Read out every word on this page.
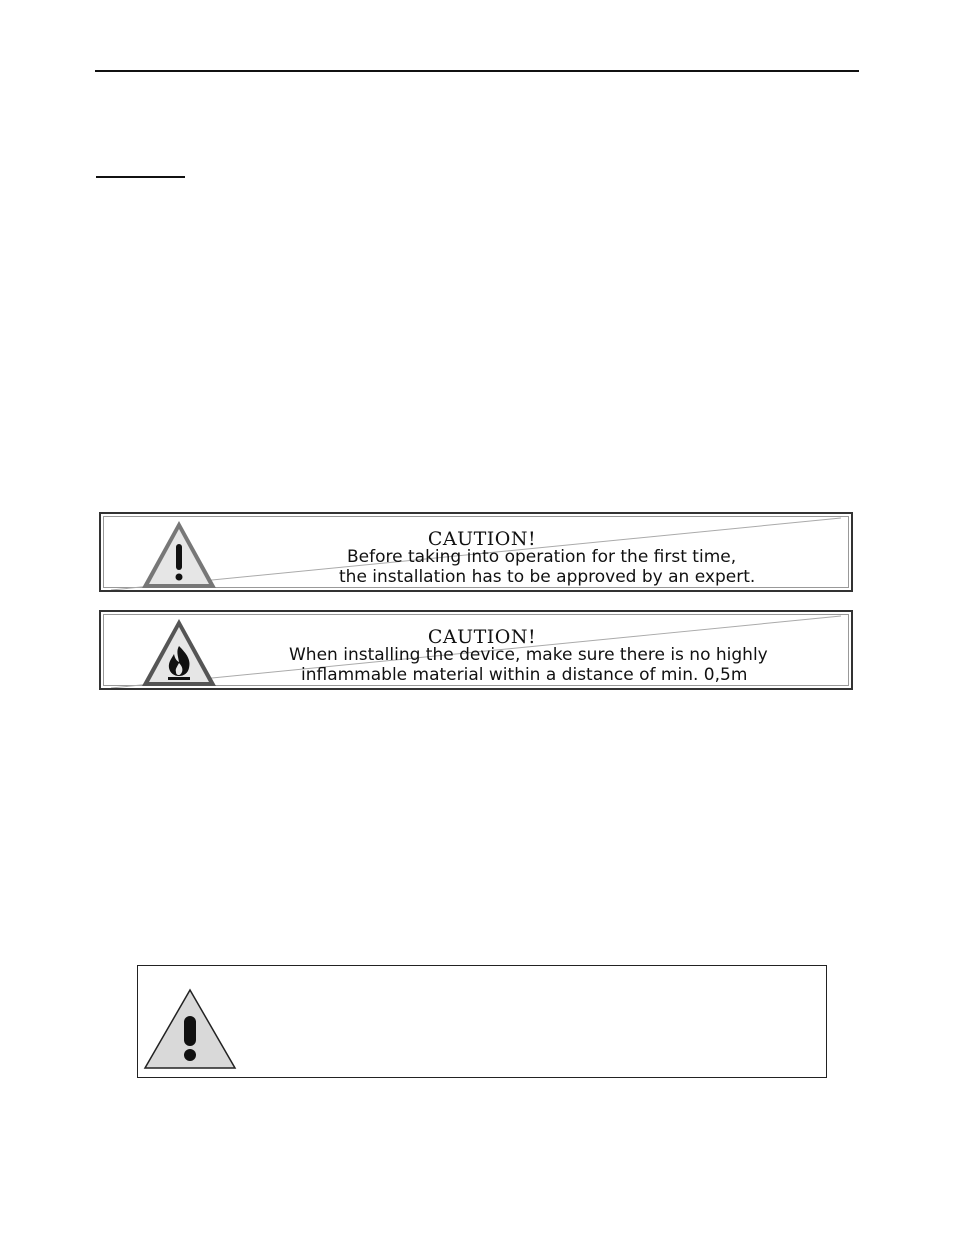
CAUTION!
Before taking into operation for the first time,
the installation has to be approved by an expert.
CAUTION!
When installing the device, make sure there is no highly
inflammable material within a distance of min. 0,5m
